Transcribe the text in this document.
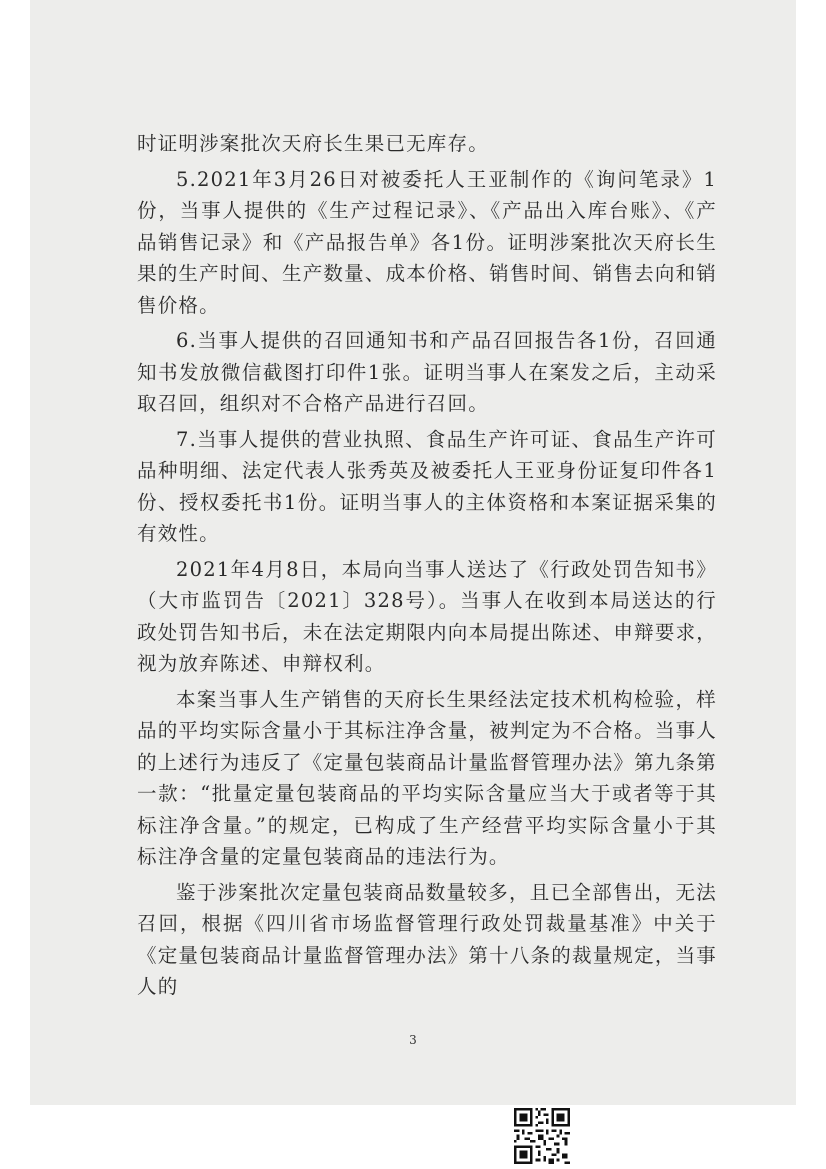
时证明涉案批次天府长生果已无库存。

5.2021年3月26日对被委托人王亚制作的《询问笔录》1份，当事人提供的《生产过程记录》、《产品出入库台账》、《产品销售记录》和《产品报告单》各1份。证明涉案批次天府长生果的生产时间、生产数量、成本价格、销售时间、销售去向和销售价格。

6.当事人提供的召回通知书和产品召回报告各1份，召回通知书发放微信截图打印件1张。证明当事人在案发之后，主动采取召回，组织对不合格产品进行召回。

7.当事人提供的营业执照、食品生产许可证、食品生产许可品种明细、法定代表人张秀英及被委托人王亚身份证复印件各1份、授权委托书1份。证明当事人的主体资格和本案证据采集的有效性。

2021年4月8日，本局向当事人送达了《行政处罚告知书》（大市监罚告〔2021〕328号）。当事人在收到本局送达的行政处罚告知书后，未在法定期限内向本局提出陈述、申辩要求，视为放弃陈述、申辩权利。

本案当事人生产销售的天府长生果经法定技术机构检验，样品的平均实际含量小于其标注净含量，被判定为不合格。当事人的上述行为违反了《定量包装商品计量监督管理办法》第九条第一款：“批量定量包装商品的平均实际含量应当大于或者等于其标注净含量。”的规定，已构成了生产经营平均实际含量小于其标注净含量的定量包装商品的违法行为。

鉴于涉案批次定量包装商品数量较多，且已全部售出，无法召回，根据《四川省市场监督管理行政处罚裁量基准》中关于《定量包装商品计量监督管理办法》第十八条的裁量规定，当事人的

3
